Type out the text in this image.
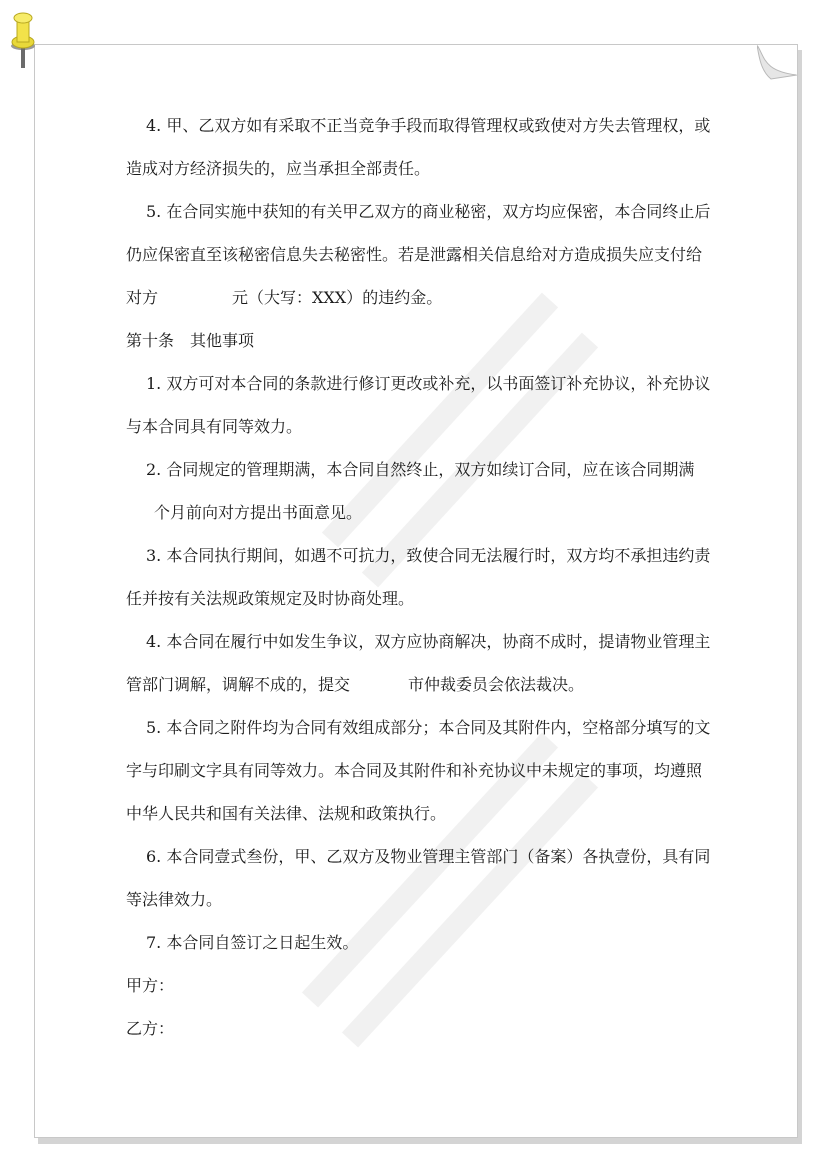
4. 甲、乙双方如有采取不正当竞争手段而取得管理权或致使对方失去管理权，或造成对方经济损失的，应当承担全部责任。

5. 在合同实施中获知的有关甲乙双方的商业秘密，双方均应保密，本合同终止后仍应保密直至该秘密信息失去秘密性。若是泄露相关信息给对方造成损失应支付给对方	元（大写：XXX）的违约金。

第十条　其他事项

1. 双方可对本合同的条款进行修订更改或补充，以书面签订补充协议，补充协议与本合同具有同等效力。

2. 合同规定的管理期满，本合同自然终止，双方如续订合同，应在该合同期满个月前向对方提出书面意见。

3. 本合同执行期间，如遇不可抗力，致使合同无法履行时，双方均不承担违约责任并按有关法规政策规定及时协商处理。

4. 本合同在履行中如发生争议，双方应协商解决，协商不成时，提请物业管理主管部门调解，调解不成的，提交	市仲裁委员会依法裁决。

5. 本合同之附件均为合同有效组成部分；本合同及其附件内，空格部分填写的文字与印刷文字具有同等效力。本合同及其附件和补充协议中未规定的事项，均遵照中华人民共和国有关法律、法规和政策执行。

6. 本合同壹式叁份，甲、乙双方及物业管理主管部门（备案）各执壹份，具有同等法律效力。

7. 本合同自签订之日起生效。

甲方：

乙方：
